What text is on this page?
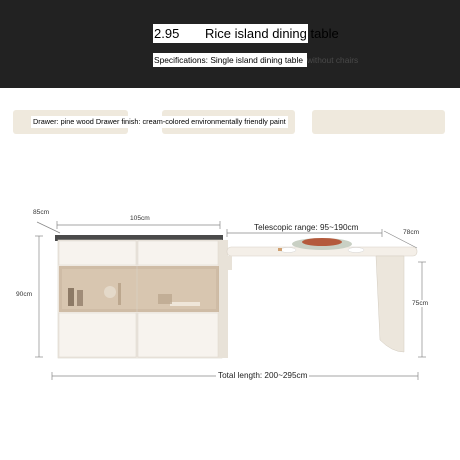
2.95	Rice island dining table
Specifications: Single island dining table without chairs
Drawer: pine wood Drawer finish: cream-colored environmentally friendly paint
85cm
105cm
90cm
Telescopic range: 95~190cm
78cm
75cm
Total length: 200~295cm
